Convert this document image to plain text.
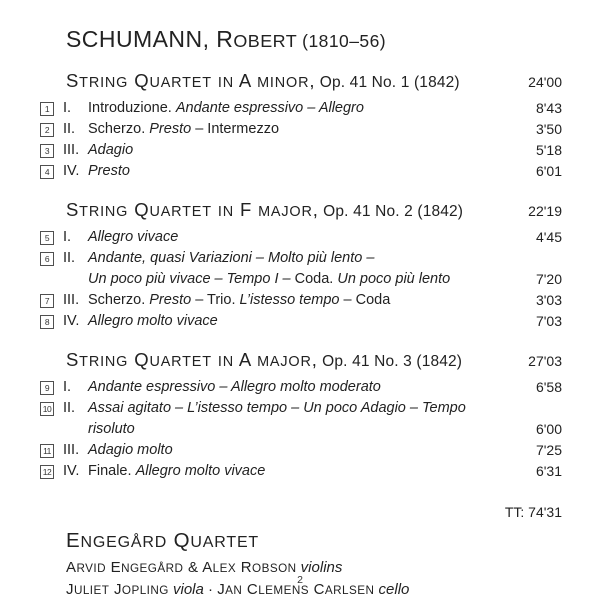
SCHUMANN, ROBERT (1810–56)
STRING QUARTET IN A MINOR, Op. 41 No. 1 (1842)	24'00
1 I.	Introduzione. Andante espressivo – Allegro	8'43
2 II. Scherzo. Presto – Intermezzo	3'50
3 III. Adagio	5'18
4 IV. Presto	6'01
STRING QUARTET IN F MAJOR, Op. 41 No. 2 (1842)	22'19
5 I.	Allegro vivace	4'45
6 II. Andante, quasi Variazioni – Molto più lento –
Un poco più vivace – Tempo I – Coda. Un poco più lento	7'20
7 III. Scherzo. Presto – Trio. L’istesso tempo – Coda	3'03
8 IV. Allegro molto vivace	7'03
STRING QUARTET IN A MAJOR, Op. 41 No. 3 (1842)	27'03
9 I.	Andante espressivo – Allegro molto moderato	6'58
10 II. Assai agitato – L’istesso tempo – Un poco Adagio – Tempo risoluto	6'00
11 III. Adagio molto	7'25
12 IV. Finale. Allegro molto vivace	6'31
TT: 74'31
ENGEGÅRD QUARTET
ARVID ENGEGÅRD & ALEX ROBSON violins
JULIET JOPLING viola · JAN CLEMENS CARLSEN cello
2
